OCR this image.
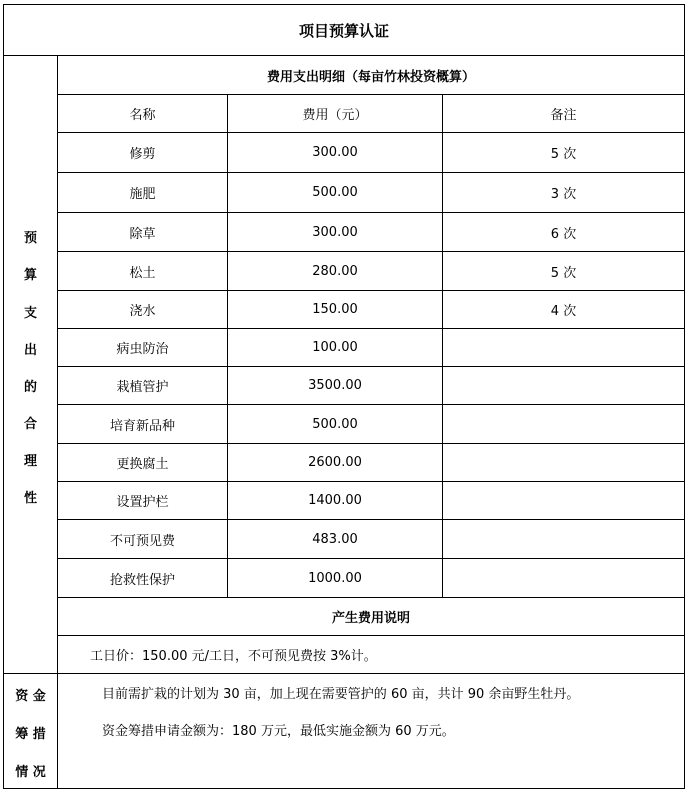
项目预算认证
预
算
支
出
的
合
理
性
资 金
筹 措
情 况
费用支出明细（每亩竹林投资概算）
名称	费用（元）	备注
修剪	300.00	5 次
施肥	500.00	3 次
除草	300.00	6 次
松土	280.00	5 次
浇水	150.00	4 次
病虫防治	100.00
栽植管护	3500.00
培育新品种	500.00
更换腐土	2600.00
设置护栏	1400.00
不可预见费	483.00
抢救性保护	1000.00
产生费用说明
工日价：150.00 元/工日，不可预见费按 3%计。
目前需扩栽的计划为 30 亩，加上现在需要管护的 60 亩，共计 90 余亩野生牡丹。
资金筹措申请金额为：180 万元，最低实施金额为 60 万元。
